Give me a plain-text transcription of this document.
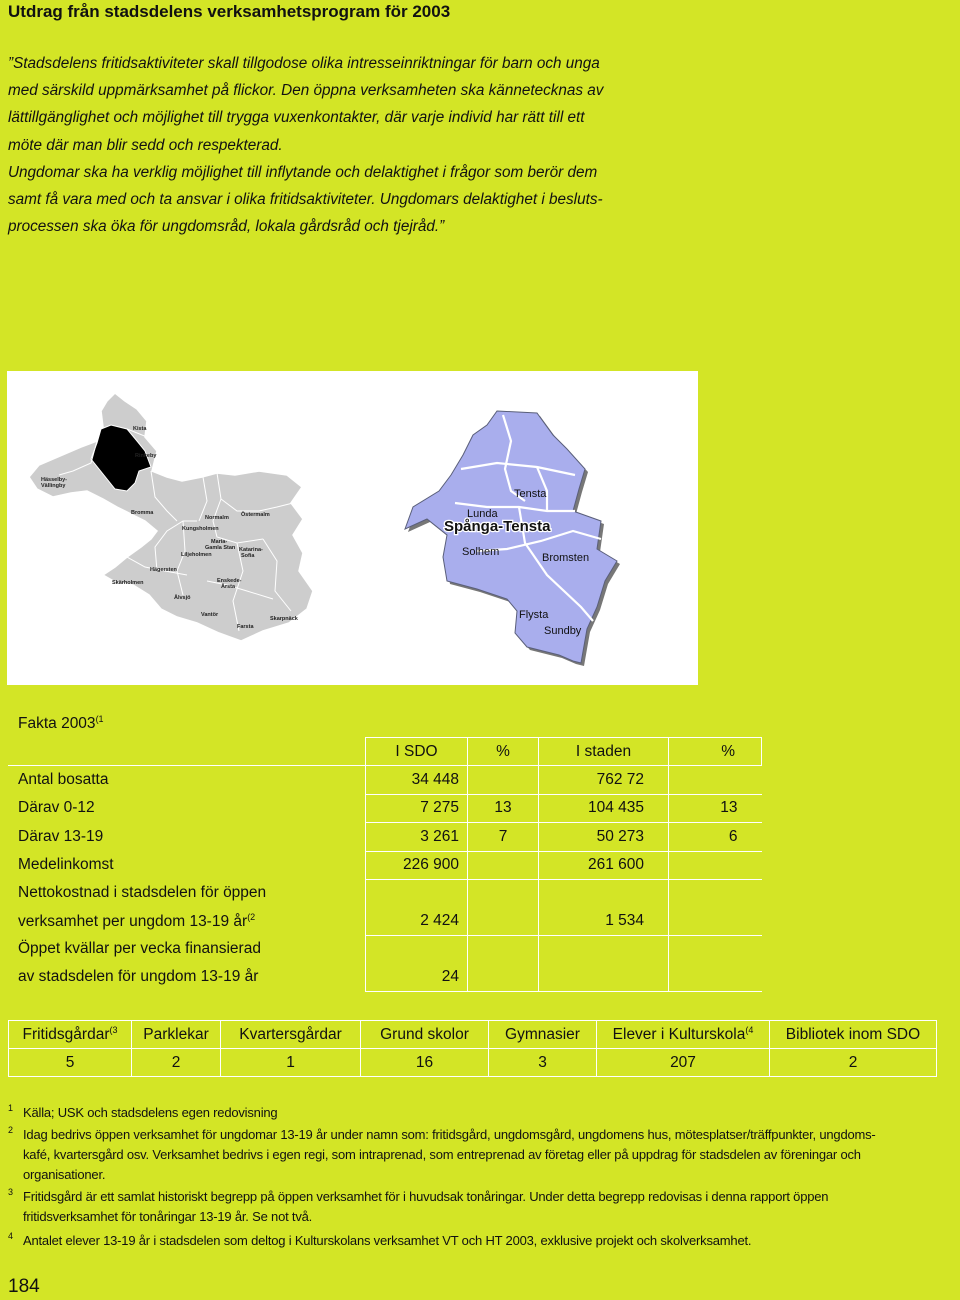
Utdrag från stadsdelens verksamhetsprogram för 2003

”Stadsdelens fritidsaktiviteter skall tillgodose olika intresseinriktningar för barn och unga

med särskild uppmärksamhet på flickor. Den öppna verksamheten ska kännetecknas av

lättillgänglighet och möjlighet till trygga vuxenkontakter, där varje individ har rätt till ett

möte där man blir sedd och respekterad.

Ungdomar ska ha verklig möjlighet till inflytande och delaktighet i frågor som berör dem

samt få vara med och ta ansvar i olika fritidsaktiviteter. Ungdomars delaktighet i besluts-

processen ska öka för ungdomsråd, lokala gårdsråd och tjejråd.”

Kista
Rinkeby
Hässelby-
Vällingby
Bromma	Östermalm
Normalm
Kungsholmen
Maria-
Gamla Stan Katarina-
Sofia
Liljeholmen
Hägersten
Skärholmen	Enskede-
Årsta
Älvsjö
Vantör
Skarpnäck
Farsta
Tensta
Lunda
Spånga-Tensta
Solhem	Bromsten
Flysta
Sundby
Fakta 2003$^{(1}$
	I SDO	%	I staden	%
Antal bosatta	34 448		762 72	
Därav 0-12	7 275	13	104 435	13
Därav 13-19	3 261	7	50 273	6
Medelinkomst	226 900		261 600	
Nettokostnad i stadsdelen för öppen				
verksamhet per ungdom 13-19 $år^{(2}$	2 424		1 534	
Öppet kvällar per vecka finansierad				
av stadsdelen för ungdom 13-19 år	24			
Fritidsgårdar$^{(3}$	Parklekar	Kvartersgårdar	Grund skolor	Gymnasier	Elever i Kulturskola$^{(4}$	Bibliotek inom SDO
5	2	1	16	3	207	2
1 Källa; USK och stadsdelens egen redovisning
2 Idag bedrivs öppen verksamhet för ungdomar 13-19 år under namn som: fritidsgård, ungdomsgård, ungdomens hus, mötesplatser/träffpunkter, ungdoms-
kafé, kvartersgård osv. Verksamhet bedrivs i egen regi, som intraprenad, som entreprenad av företag eller på uppdrag för stadsdelen av föreningar och
organisationer.
3 Fritidsgård är ett samlat historiskt begrepp på öppen verksamhet för i huvudsak tonåringar. Under detta begrepp redovisas i denna rapport öppen
fritidsverksamhet för tonåringar 13-19 år. Se not två.
4 Antalet elever 13-19 år i stadsdelen som deltog i Kulturskolans verksamhet VT och HT 2003, exklusive projekt och skolverksamhet.
184
